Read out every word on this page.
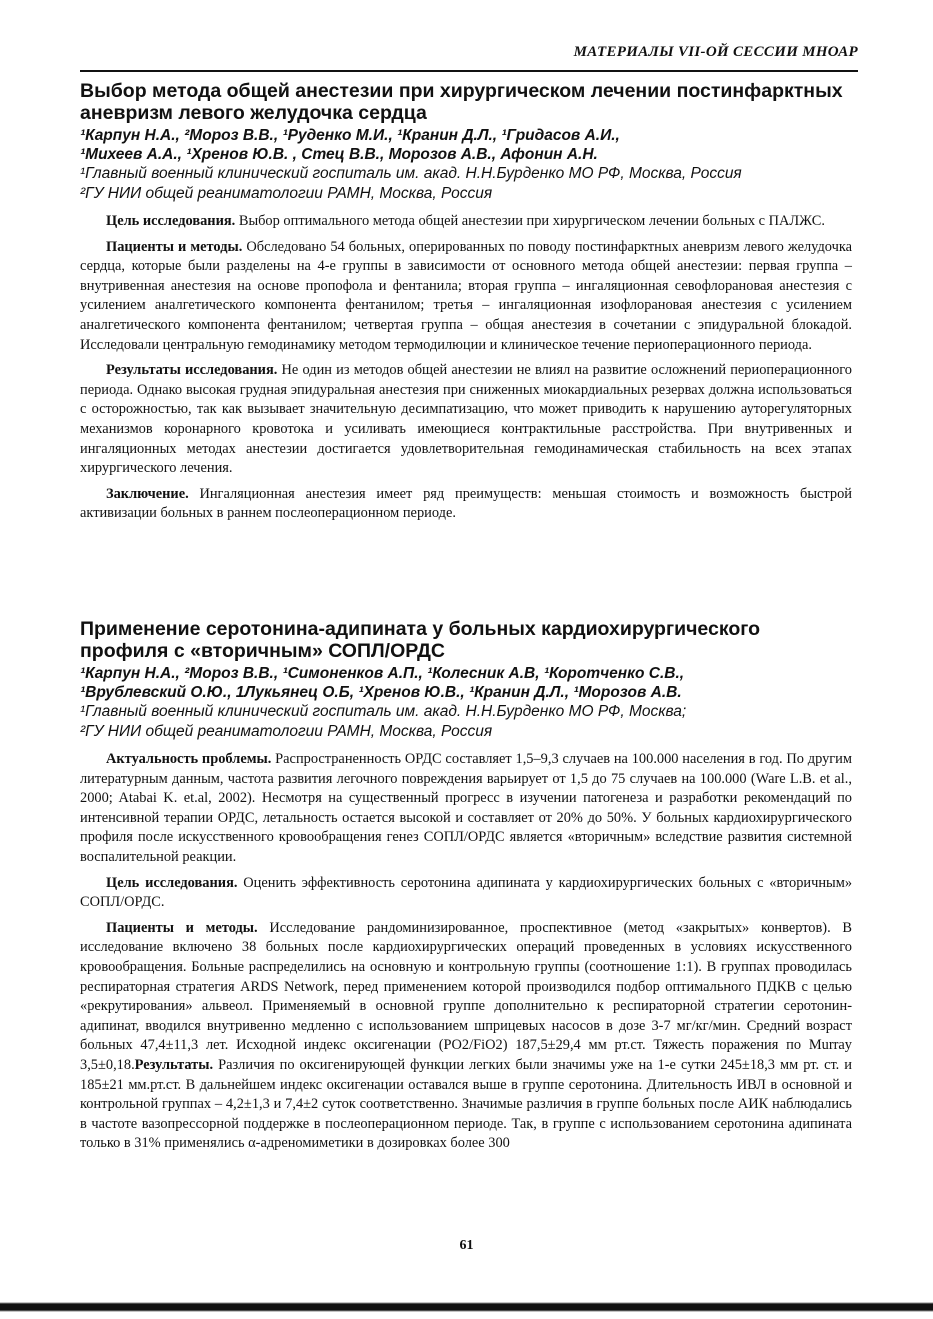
МАТЕРИАЛЫ VII-ОЙ СЕССИИ МНОАР
Выбор метода общей анестезии при хирургическом лечении постинфарктных аневризм левого желудочка сердца
¹Карпун Н.А., ²Мороз В.В., ¹Руденко М.И., ¹Кранин Д.Л., ¹Гридасов А.И.,
¹Михеев А.А., ¹Хренов Ю.В. , Стец В.В., Морозов А.В., Афонин А.Н.
¹Главный военный клинический госпиталь им. акад. Н.Н.Бурденко МО РФ, Москва, Россия
²ГУ НИИ общей реаниматологии РАМН, Москва, Россия

Цель исследования. Выбор оптимального метода общей анестезии при хирургическом лечении больных с ПАЛЖС.

Пациенты и методы. Обследовано 54 больных, оперированных по поводу постинфарктных аневризм левого желудочка сердца, которые были разделены на 4-е группы в зависимости от основного метода общей анестезии: первая группа – внутривенная анестезия на основе пропофола и фентанила; вторая группа – ингаляционная севофлорановая анестезия с усилением аналгетического компонента фентанилом; третья – ингаляционная изофлорановая анестезия с усилением аналгетического компонента фентанилом; четвертая группа – общая анестезия в сочетании с эпидуральной блокадой. Исследовали центральную гемодинамику методом термодилюции и клиническое течение периоперационного периода.

Результаты исследования. Не один из методов общей анестезии не влиял на развитие осложнений периоперационного периода. Однако высокая грудная эпидуральная анестезия при сниженных миокардиальных резервах должна использоваться с осторожностью, так как вызывает значительную десимпатизацию, что может приводить к нарушению ауторегуляторных механизмов коронарного кровотока и усиливать имеющиеся контрактильные расстройства. При внутривенных и ингаляционных методах анестезии достигается удовлетворительная гемодинамическая стабильность на всех этапах хирургического лечения.

Заключение. Ингаляционная анестезия имеет ряд преимуществ: меньшая стоимость и возможность быстрой активизации больных в раннем послеоперационном периоде.

Применение серотонина-адипината у больных кардиохирургического профиля с «вторичным» СОПЛ/ОРДС
¹Карпун Н.А., ²Мороз В.В., ¹Симоненков А.П., ¹Колесник А.В, ¹Коротченко С.В.,
¹Врублевский О.Ю., 1Лукьянец О.Б, ¹Хренов Ю.В., ¹Кранин Д.Л., ¹Морозов А.В.
¹Главный военный клинический госпиталь им. акад. Н.Н.Бурденко МО РФ, Москва;
²ГУ НИИ общей реаниматологии РАМН, Москва, Россия

Актуальность проблемы. Распространенность ОРДС составляет 1,5–9,3 случаев на 100.000 населения в год. По другим литературным данным, частота развития легочного повреждения варьирует от 1,5 до 75 случаев на 100.000 (Ware L.B. et al., 2000; Atabai K. et.al, 2002). Несмотря на существенный прогресс в изучении патогенеза и разработки рекомендаций по интенсивной терапии ОРДС, летальность остается высокой и составляет от 20% до 50%. У больных кардиохирургического профиля после искусственного кровообращения генез СОПЛ/ОРДС является «вторичным» вследствие развития системной воспалительной реакции.

Цель исследования. Оценить эффективность серотонина адипината у кардиохирургических больных с «вторичным» СОПЛ/ОРДС.

Пациенты и методы. Исследование рандоминизированное, проспективное (метод «закрытых» конвертов). В исследование включено 38 больных после кардиохирургических операций проведенных в условиях искусственного кровообращения. Больные распределились на основную и контрольную группы (соотношение 1:1). В группах проводилась респираторная стратегия ARDS Network, перед применением которой производился подбор оптимального ПДКВ с целью «рекрутирования» альвеол. Применяемый в основной группе дополнительно к респираторной стратегии серотонин-адипинат, вводился внутривенно медленно с использованием шприцевых насосов в дозе 3-7 мг/кг/мин. Средний возраст больных 47,4±11,3 лет. Исходной индекс оксигенации (PO2/FiO2) 187,5±29,4 мм рт.ст. Тяжесть поражения по Murray 3,5±0,18.Результаты. Различия по оксигенирующей функции легких были значимы уже на 1-е сутки 245±18,3 мм рт. ст. и 185±21 мм.рт.ст. В дальнейшем индекс оксигенации оставался выше в группе серотонина. Длительность ИВЛ в основной и контрольной группах – 4,2±1,3 и 7,4±2 суток соответственно. Значимые различия в группе больных после АИК наблюдались в частоте вазопрессорной поддержке в послеоперационном периоде. Так, в группе с использованием серотонина адипината только в 31% применялись α-адреномиметики в дозировках более 300

61
